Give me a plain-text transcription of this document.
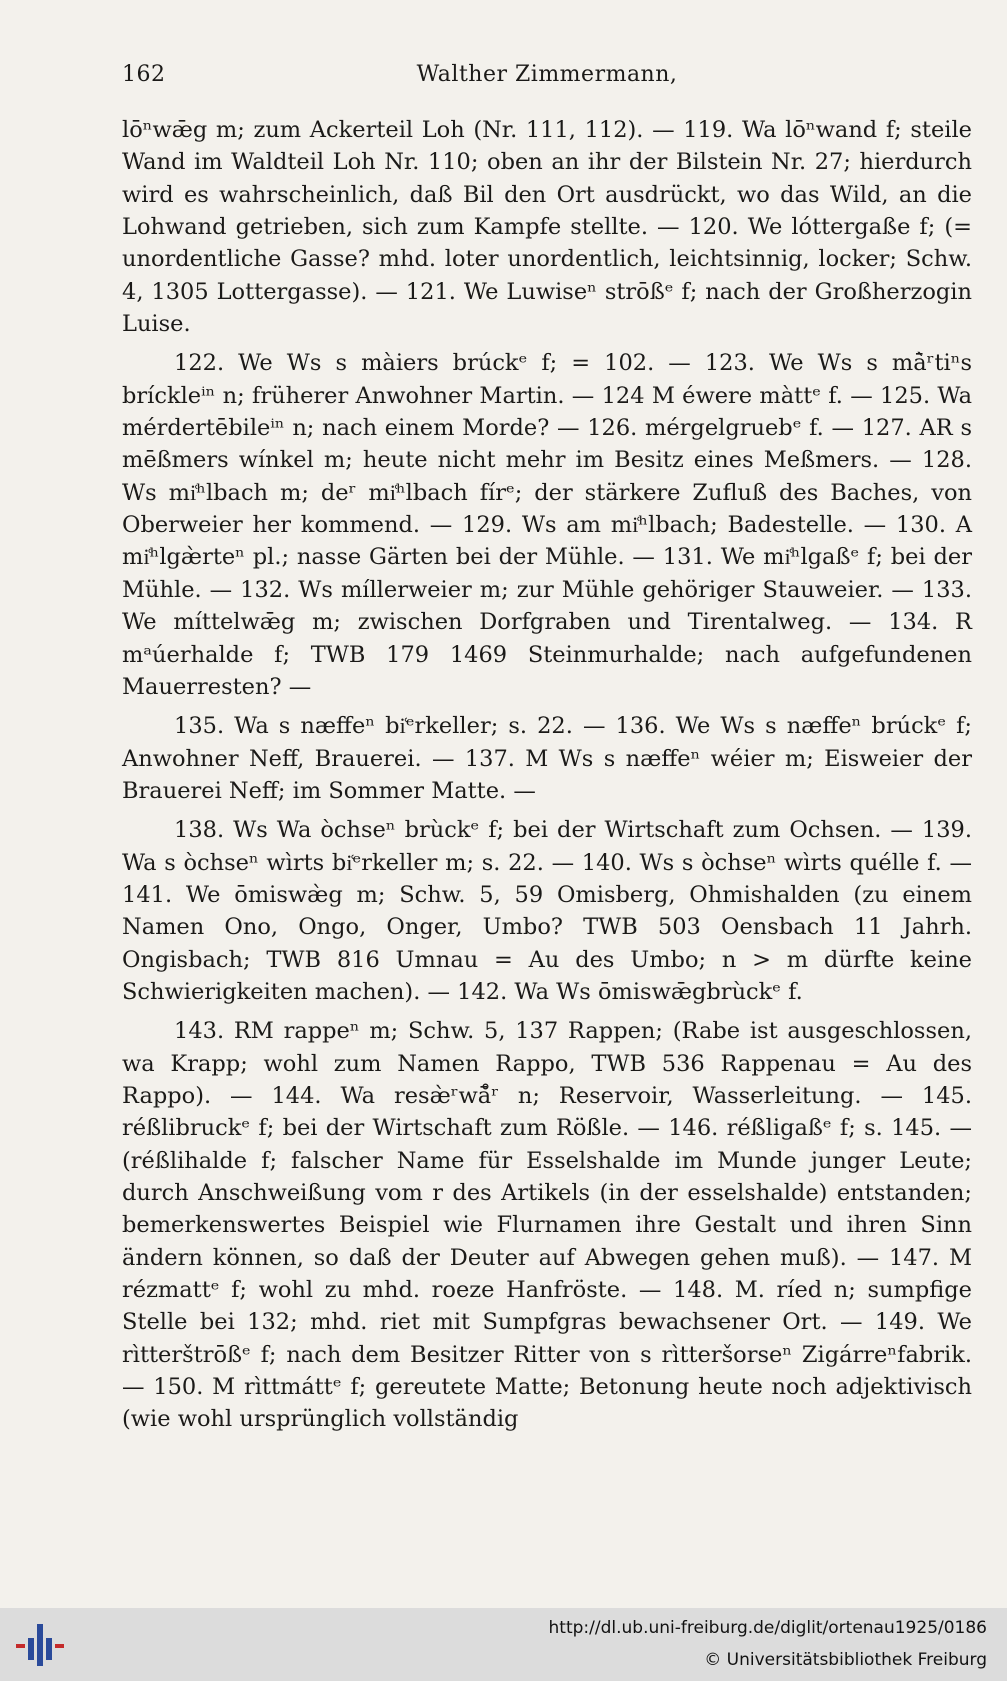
162	Walther Zimmermann,

lōⁿwǣg m; zum Ackerteil Loh (Nr. 111, 112). — 119. Wa lōⁿwand f; steile Wand im Waldteil Loh Nr. 110; oben an ihr der Bilstein Nr. 27; hierdurch wird es wahrscheinlich, daß Bil den Ort ausdrückt, wo das Wild, an die Lohwand getrieben, sich zum Kampfe stellte. — 120. We lóttergaße f; (= unordentliche Gasse? mhd. loter unordentlich, leichtsinnig, locker; Schw. 4, 1305 Lottergasse). — 121. We Luwiseⁿ strōßᵉ f; nach der Großherzogin Luise.

122. We Ws s màiers brúckᵉ f; = 102. — 123. We Ws s mā̀ʳtiⁿs bríckleⁱⁿ n; früherer Anwohner Martin. — 124 M éwere màttᵉ f. — 125. Wa mérdertēbileⁱⁿ n; nach einem Morde? — 126. mérgelgruebᵉ f. — 127. AR s mēßmers wínkel m; heute nicht mehr im Besitz eines Meßmers. — 128. Ws mi͑ʰlbach m; deʳ mi͑ʰlbach fírᵉ; der stärkere Zufluß des Baches, von Oberweier her kommend. — 129. Ws am mi͑ʰlbach; Badestelle. — 130. A mi͑ʰlgæ̀rteⁿ pl.; nasse Gärten bei der Mühle. — 131. We mi͑ʰlgaßᵉ f; bei der Mühle. — 132. Ws míllerweier m; zur Mühle gehöriger Stauweier. — 133. We míttelwǣg m; zwischen Dorfgraben und Tirentalweg. — 134. R mᵃúerhalde f; TWB 179 1469 Steinmurhalde; nach aufgefundenen Mauerresten? —

135. Wa s næffeⁿ bi͑ᵉrkeller; s. 22. — 136. We Ws s næffeⁿ brúckᵉ f; Anwohner Neff, Brauerei. — 137. M Ws s næffeⁿ wéier m; Eisweier der Brauerei Neff; im Sommer Matte. —

138. Ws Wa òchseⁿ brùckᵉ f; bei der Wirtschaft zum Ochsen. — 139. Wa s òchseⁿ wìrts bi͑ᵉrkeller m; s. 22. — 140. Ws s òchseⁿ wìrts quélle f. — 141. We ōmiswæ̀g m; Schw. 5, 59 Omisberg, Ohmishalden (zu einem Namen Ono, Ongo, Onger, Umbo? TWB 503 Oensbach 11 Jahrh. Ongisbach; TWB 816 Umnau = Au des Umbo; n > m dürfte keine Schwierigkeiten machen). — 142. Wa Ws ōmiswǣgbrùckᵉ f.

143. RM rappeⁿ m; Schw. 5, 137 Rappen; (Rabe ist ausgeschlossen, wa Krapp; wohl zum Namen Rappo, TWB 536 Rappenau = Au des Rappo). — 144. Wa resæ̀ʳwā̊ʳ n; Reservoir, Wasserleitung. — 145. réßlibruckᵉ f; bei der Wirtschaft zum Rößle. — 146. réßligaßᵉ f; s. 145. — (réßlihalde f; falscher Name für Esselshalde im Munde junger Leute; durch Anschweißung vom r des Artikels (in der esselshalde) entstanden; bemerkenswertes Beispiel wie Flurnamen ihre Gestalt und ihren Sinn ändern können, so daß der Deuter auf Abwegen gehen muß). — 147. M rézmattᵉ f; wohl zu mhd. roeze Hanfröste. — 148. M. ríed n; sumpfige Stelle bei 132; mhd. riet mit Sumpfgras bewachsener Ort. — 149. We rìtterštrōßᵉ f; nach dem Besitzer Ritter von s rìtteršorseⁿ Zigárreⁿfabrik. — 150. M rìttmáttᵉ f; gereutete Matte; Betonung heute noch adjektivisch (wie wohl ursprünglich vollständig

http://dl.ub.uni-freiburg.de/diglit/ortenau1925/0186
© Universitätsbibliothek Freiburg
